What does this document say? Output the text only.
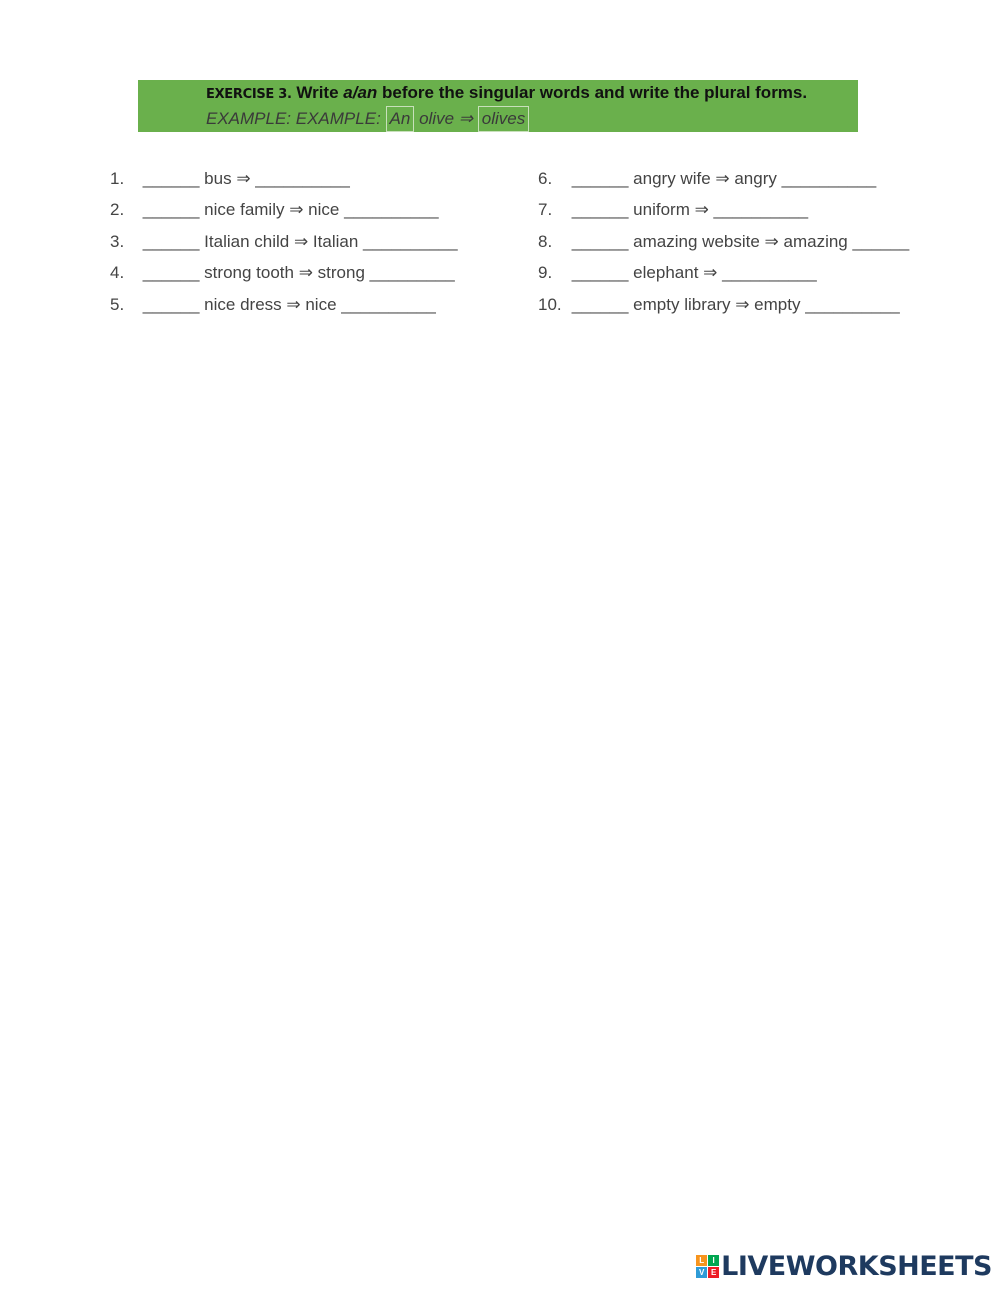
EXERCISE 3. Write a/an before the singular words and write the plural forms.
EXAMPLE: EXAMPLE: An olive ⇒ olives
1. ______ bus ⇒ __________
2. ______ nice family ⇒ nice __________
3. ______ Italian child ⇒ Italian __________
4. ______ strong tooth ⇒ strong _________
5. ______ nice dress ⇒ nice __________
6. ______ angry wife ⇒ angry __________
7. ______ uniform ⇒ __________
8. ______ amazing website ⇒ amazing ______
9. ______ elephant ⇒ __________
10. ______ empty library ⇒ empty __________
L	I
V E LIVEWORKSHEETS
